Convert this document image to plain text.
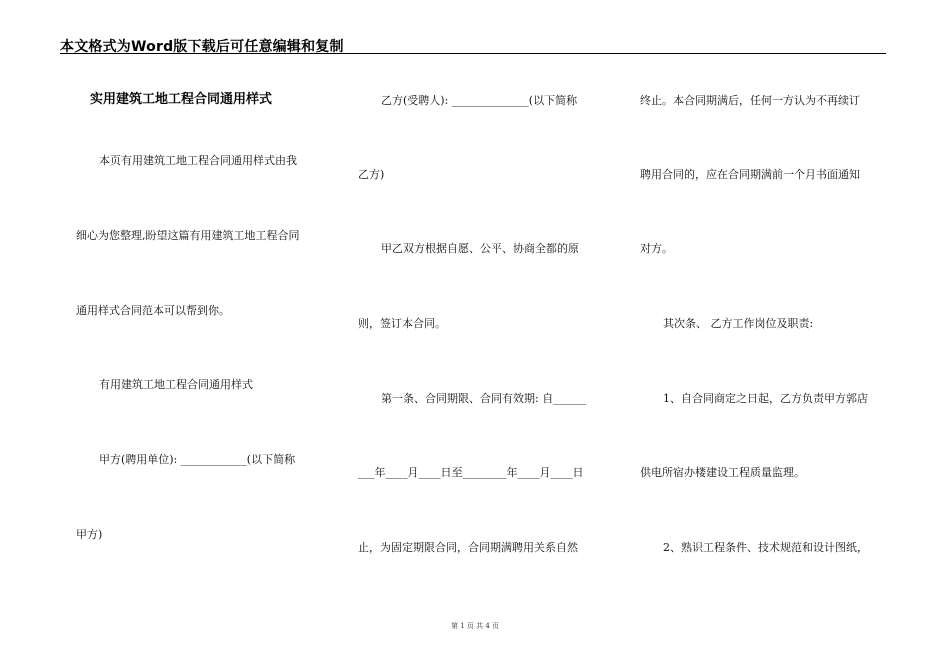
本文格式为Word版下载后可任意编辑和复制
实用建筑工地工程合同通用样式
本页有用建筑工地工程合同通用样式由我
细心为您整理,盼望这篇有用建筑工地工程合同
通用样式合同范本可以帮到你。
有用建筑工地工程合同通用样式
甲方(聘用单位): ____________(以下简称
甲方)
乙方(受聘人): ______________(以下简称
乙方)
甲乙双方根据自愿、公平、协商全都的原
则，签订本合同。
第一条、合同期限、合同有效期: 自______
___年____月____日至________年____月____日
止，为固定期限合同，合同期满聘用关系自然
终止。本合同期满后，任何一方认为不再续订
聘用合同的，应在合同期满前一个月书面通知
对方。
其次条、 乙方工作岗位及职责:
1、自合同商定之日起，乙方负责甲方郭店
供电所宿办楼建设工程质量监理。
2、熟识工程条件、技术规范和设计图纸，
第 1 页 共 4 页
